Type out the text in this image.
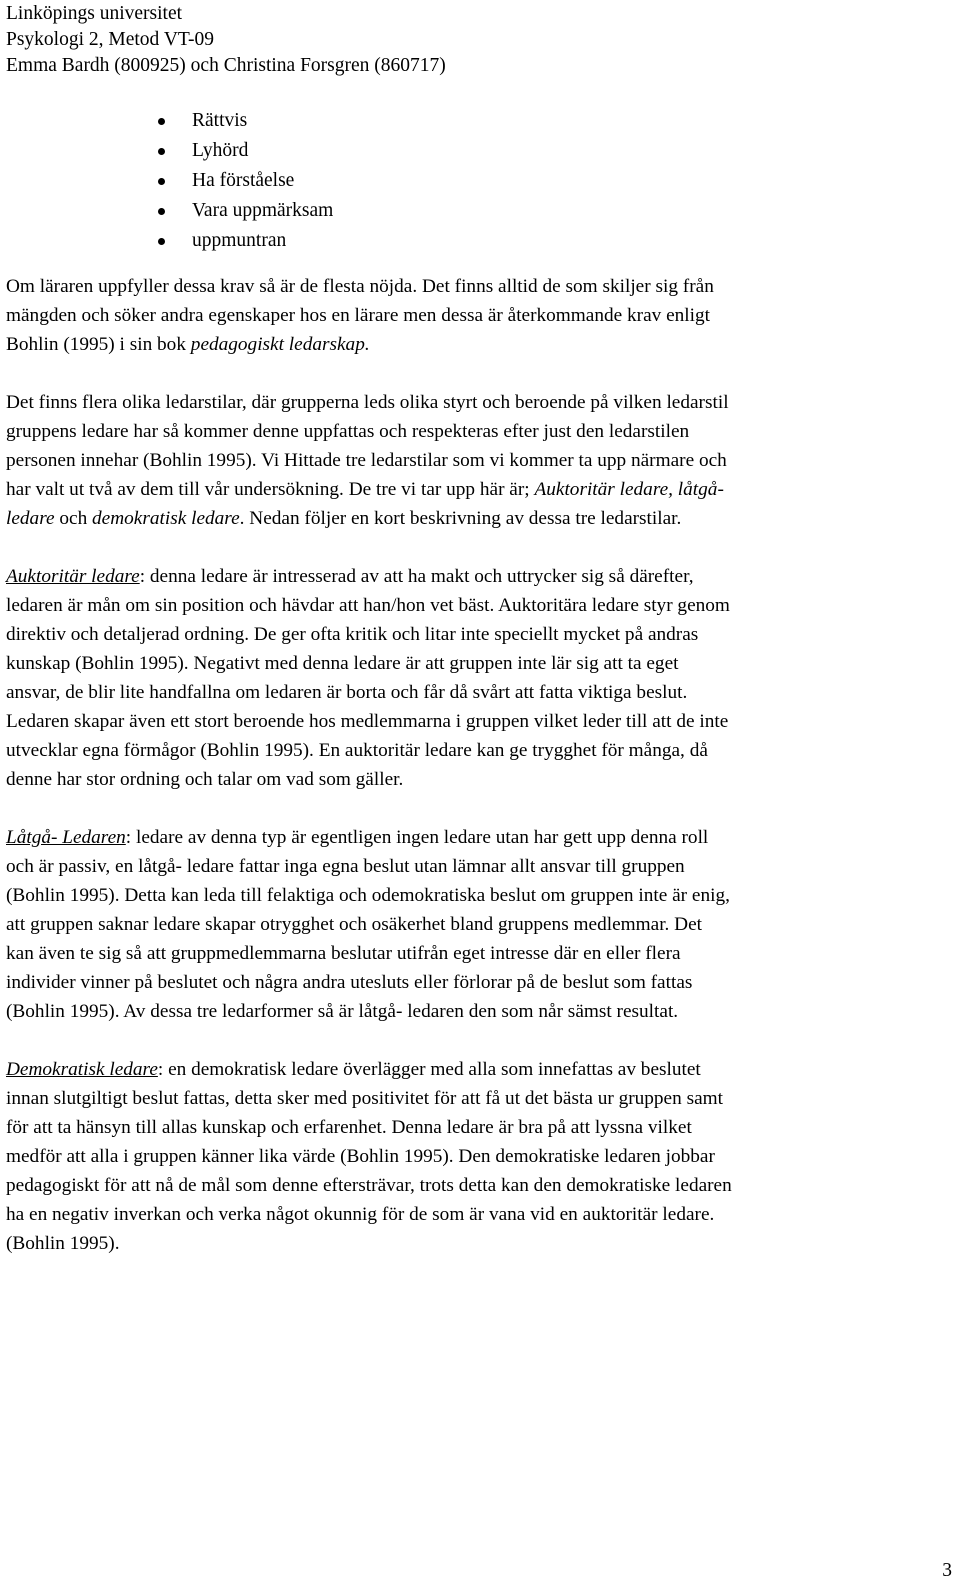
Linköpings universitet
Psykologi 2, Metod VT-09
Emma Bardh (800925) och Christina Forsgren (860717)
Rättvis
Lyhörd
Ha förståelse
Vara uppmärksam
uppmuntran

Om läraren uppfyller dessa krav så är de flesta nöjda. Det finns alltid de som skiljer sig från
mängden och söker andra egenskaper hos en lärare men dessa är återkommande krav enligt
Bohlin (1995) i sin bok pedagogiskt ledarskap.

Det finns flera olika ledarstilar, där grupperna leds olika styrt och beroende på vilken ledarstil
gruppens ledare har så kommer denne uppfattas och respekteras efter just den ledarstilen
personen innehar (Bohlin 1995). Vi Hittade tre ledarstilar som vi kommer ta upp närmare och
har valt ut två av dem till vår undersökning. De tre vi tar upp här är; Auktoritär ledare, låtgå-
ledare och demokratisk ledare. Nedan följer en kort beskrivning av dessa tre ledarstilar.

Auktoritär ledare: denna ledare är intresserad av att ha makt och uttrycker sig så därefter,
ledaren är mån om sin position och hävdar att han/hon vet bäst. Auktoritära ledare styr genom
direktiv och detaljerad ordning. De ger ofta kritik och litar inte speciellt mycket på andras
kunskap (Bohlin 1995). Negativt med denna ledare är att gruppen inte lär sig att ta eget
ansvar, de blir lite handfallna om ledaren är borta och får då svårt att fatta viktiga beslut.
Ledaren skapar även ett stort beroende hos medlemmarna i gruppen vilket leder till att de inte
utvecklar egna förmågor (Bohlin 1995). En auktoritär ledare kan ge trygghet för många, då
denne har stor ordning och talar om vad som gäller.

Låtgå- Ledaren: ledare av denna typ är egentligen ingen ledare utan har gett upp denna roll
och är passiv, en låtgå- ledare fattar inga egna beslut utan lämnar allt ansvar till gruppen
(Bohlin 1995). Detta kan leda till felaktiga och odemokratiska beslut om gruppen inte är enig,
att gruppen saknar ledare skapar otrygghet och osäkerhet bland gruppens medlemmar. Det
kan även te sig så att gruppmedlemmarna beslutar utifrån eget intresse där en eller flera
individer vinner på beslutet och några andra utesluts eller förlorar på de beslut som fattas
(Bohlin 1995). Av dessa tre ledarformer så är låtgå- ledaren den som når sämst resultat.

Demokratisk ledare: en demokratisk ledare överlägger med alla som innefattas av beslutet
innan slutgiltigt beslut fattas, detta sker med positivitet för att få ut det bästa ur gruppen samt
för att ta hänsyn till allas kunskap och erfarenhet. Denna ledare är bra på att lyssna vilket
medför att alla i gruppen känner lika värde (Bohlin 1995). Den demokratiske ledaren jobbar
pedagogiskt för att nå de mål som denne eftersträvar, trots detta kan den demokratiske ledaren
ha en negativ inverkan och verka något okunnig för de som är vana vid en auktoritär ledare.
(Bohlin 1995).

3
